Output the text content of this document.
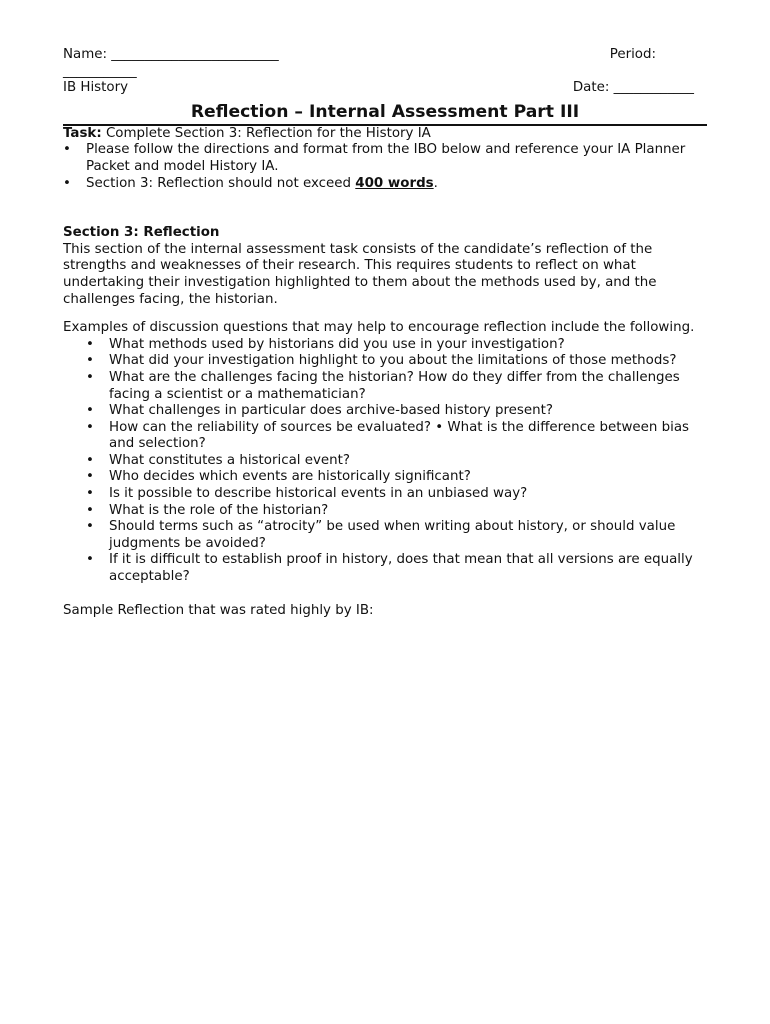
Name: _________________________	Period:
___________
IB History	Date: ____________
Reflection – Internal Assessment Part III
Task: Complete Section 3: Reflection for the History IA
• Please follow the directions and format from the IBO below and reference your IA Planner Packet and model History IA.
• Section 3: Reflection should not exceed 400 words.
Section 3: Reflection

This section of the internal assessment task consists of the candidate’s reflection of the strengths and weaknesses of their research. This requires students to reflect on what undertaking their investigation highlighted to them about the methods used by, and the challenges facing, the historian.

Examples of discussion questions that may help to encourage reflection include the following.

• What methods used by historians did you use in your investigation?
• What did your investigation highlight to you about the limitations of those methods?
• What are the challenges facing the historian? How do they differ from the challenges facing a scientist or a mathematician?
• What challenges in particular does archive-based history present?
• How can the reliability of sources be evaluated? • What is the difference between bias and selection?
• What constitutes a historical event?
• Who decides which events are historically significant?
• Is it possible to describe historical events in an unbiased way?
• What is the role of the historian?
• Should terms such as “atrocity” be used when writing about history, or should value judgments be avoided?
• If it is difficult to establish proof in history, does that mean that all versions are equally acceptable?

Sample Reflection that was rated highly by IB:
